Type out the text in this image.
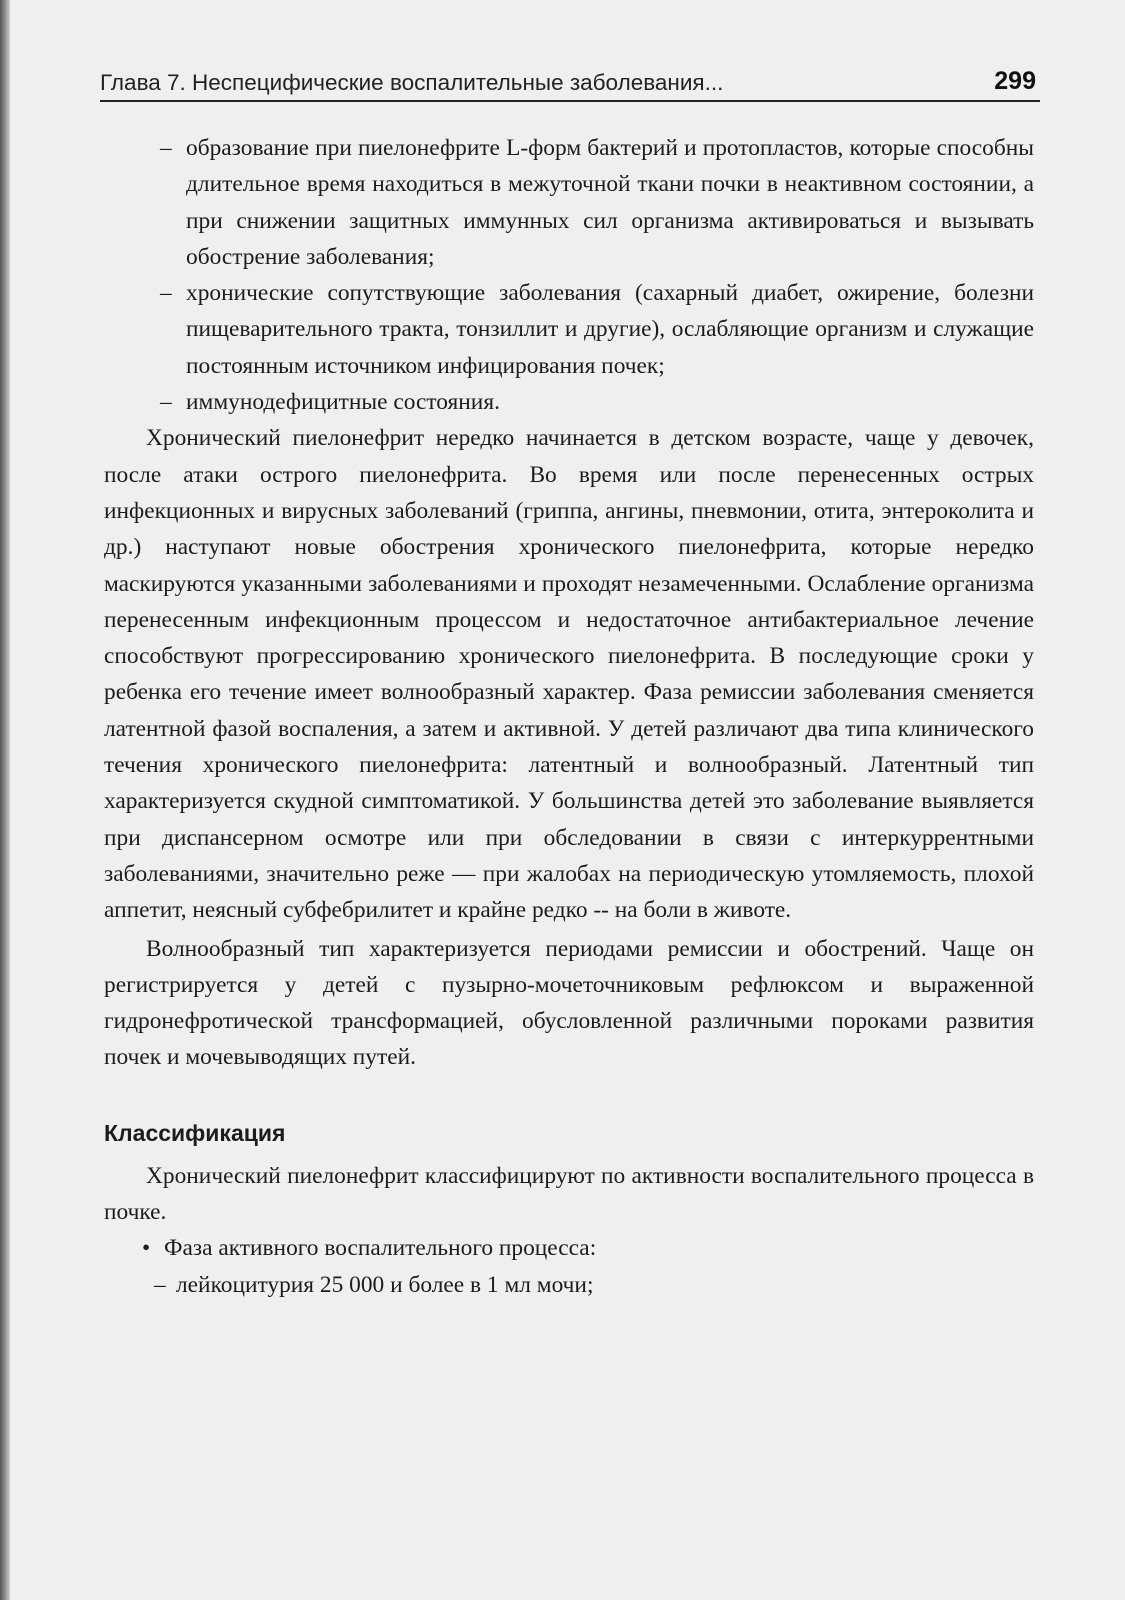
Глава 7. Неспецифические воспалительные заболевания...	299
– образование при пиелонефрите L-форм бактерий и протопластов, которые способны длительное время находиться в межуточной ткани почки в неактивном состоянии, а при снижении защитных иммунных сил организма активироваться и вызывать обострение заболевания;
– хронические сопутствующие заболевания (сахарный диабет, ожирение, болезни пищеварительного тракта, тонзиллит и другие), ослабляющие организм и служащие постоянным источником инфицирования почек;
– иммунодефицитные состояния.

Хронический пиелонефрит нередко начинается в детском возрасте, чаще у девочек, после атаки острого пиелонефрита. Во время или после перенесенных острых инфекционных и вирусных заболеваний (гриппа, ангины, пневмонии, отита, энтероколита и др.) наступают новые обострения хронического пиелонефрита, которые нередко маскируются указанными заболеваниями и проходят незамеченными. Ослабление организма перенесенным инфекционным процессом и недостаточное антибактериальное лечение способствуют прогрессированию хронического пиелонефрита. В последующие сроки у ребенка его течение имеет волнообразный характер. Фаза ремиссии заболевания сменяется латентной фазой воспаления, а затем и активной. У детей различают два типа клинического течения хронического пиелонефрита: латентный и волнообразный. Латентный тип характеризуется скудной симптоматикой. У большинства детей это заболевание выявляется при диспансерном осмотре или при обследовании в связи с интеркуррентными заболеваниями, значительно реже — при жалобах на периодическую утомляемость, плохой аппетит, неясный субфебрилитет и крайне редко -- на боли в животе.

Волнообразный тип характеризуется периодами ремиссии и обострений. Чаще он регистрируется у детей с пузырно-мочеточниковым рефлюксом и выраженной гидронефротической трансформацией, обусловленной различными пороками развития почек и мочевыводящих путей.

Классификация

Хронический пиелонефрит классифицируют по активности воспалительного процесса в почке.

• Фаза активного воспалительного процесса:
– лейкоцитурия 25 000 и более в 1 мл мочи;
